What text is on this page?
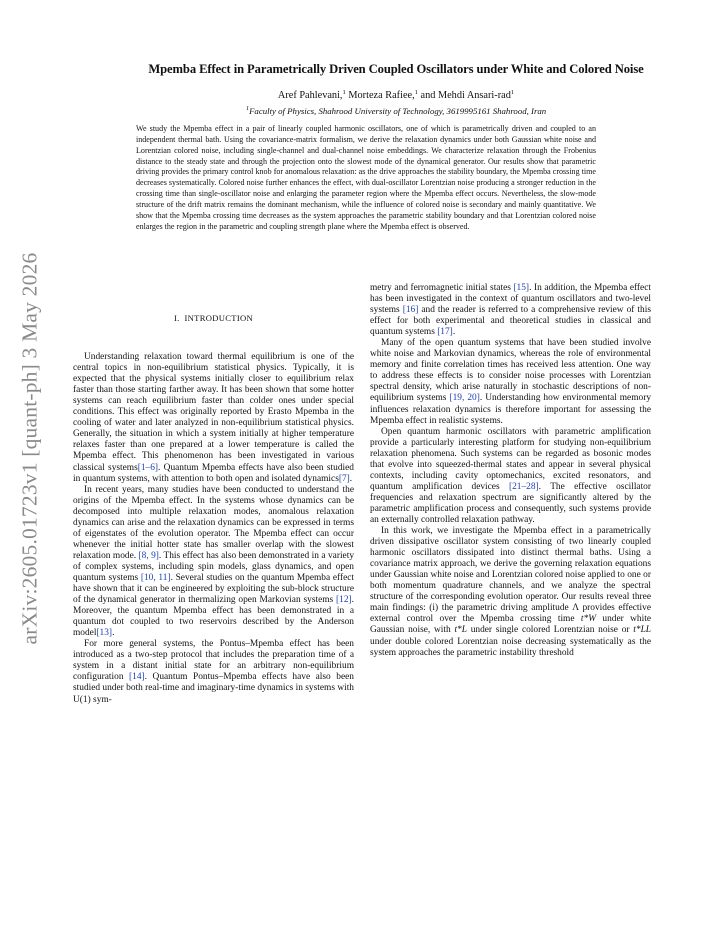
arXiv:2605.01723v1 [quant-ph] 3 May 2026
Mpemba Effect in Parametrically Driven Coupled Oscillators under White and Colored Noise
Aref Pahlevani,$^1$ Morteza Rafiee,$^1$ and Mehdi Ansari-rad$^1$
$^1$Faculty of Physics, Shahrood University of Technology, 3619995161 Shahrood, Iran

We study the Mpemba effect in a pair of linearly coupled harmonic oscillators, one of which is parametrically driven and coupled to an independent thermal bath. Using the covariance-matrix formalism, we derive the relaxation dynamics under both Gaussian white noise and Lorentzian colored noise, including single-channel and dual-channel noise embeddings. We characterize relaxation through the Frobenius distance to the steady state and through the projection onto the slowest mode of the dynamical generator. Our results show that parametric driving provides the primary control knob for anomalous relaxation: as the drive approaches the stability boundary, the Mpemba crossing time decreases systematically. Colored noise further enhances the effect, with dual-oscillator Lorentzian noise producing a stronger reduction in the crossing time than single-oscillator noise and enlarging the parameter region where the Mpemba effect occurs. Nevertheless, the slow-mode structure of the drift matrix remains the dominant mechanism, while the influence of colored noise is secondary and mainly quantitative. We show that the Mpemba crossing time decreases as the system approaches the parametric stability boundary and that Lorentzian colored noise enlarges the region in the parametric and coupling strength plane where the Mpemba effect is observed.

I. INTRODUCTION

Understanding relaxation toward thermal equilibrium is one of the central topics in non-equilibrium statistical physics. Typically, it is expected that the physical systems initially closer to equilibrium relax faster than those starting farther away. It has been shown that some hotter systems can reach equilibrium faster than colder ones under special conditions. This effect was originally reported by Erasto Mpemba in the cooling of water and later analyzed in non-equilibrium statistical physics. Generally, the situation in which a system initially at higher temperature relaxes faster than one prepared at a lower temperature is called the Mpemba effect. This phenomenon has been investigated in various classical systems[1–6]. Quantum Mpemba effects have also been studied in quantum systems, with attention to both open and isolated dynamics[7].

In recent years, many studies have been conducted to understand the origins of the Mpemba effect. In the systems whose dynamics can be decomposed into multiple relaxation modes, anomalous relaxation dynamics can arise and the relaxation dynamics can be expressed in terms of eigenstates of the evolution operator. The Mpemba effect can occur whenever the initial hotter state has smaller overlap with the slowest relaxation mode. [8, 9]. This effect has also been demonstrated in a variety of complex systems, including spin models, glass dynamics, and open quantum systems [10, 11]. Several studies on the quantum Mpemba effect have shown that it can be engineered by exploiting the sub-block structure of the dynamical generator in thermalizing open Markovian systems [12]. Moreover, the quantum Mpemba effect has been demonstrated in a quantum dot coupled to two reservoirs described by the Anderson model[13].

For more general systems, the Pontus–Mpemba effect has been introduced as a two-step protocol that includes the preparation time of a system in a distant initial state for an arbitrary non-equilibrium configuration [14]. Quantum Pontus–Mpemba effects have also been studied under both real-time and imaginary-time dynamics in systems with U(1) sym-

metry and ferromagnetic initial states [15]. In addition, the Mpemba effect has been investigated in the context of quantum oscillators and two-level systems [16] and the reader is referred to a comprehensive review of this effect for both experimental and theoretical studies in classical and quantum systems [17].

Many of the open quantum systems that have been studied involve white noise and Markovian dynamics, whereas the role of environmental memory and finite correlation times has received less attention. One way to address these effects is to consider noise processes with Lorentzian spectral density, which arise naturally in stochastic descriptions of non-equilibrium systems [19, 20]. Understanding how environmental memory influences relaxation dynamics is therefore important for assessing the Mpemba effect in realistic systems.

Open quantum harmonic oscillators with parametric amplification provide a particularly interesting platform for studying non-equilibrium relaxation phenomena. Such systems can be regarded as bosonic modes that evolve into squeezed-thermal states and appear in several physical contexts, including cavity optomechanics, excited resonators, and quantum amplification devices [21–28]. The effective oscillator frequencies and relaxation spectrum are significantly altered by the parametric amplification process and consequently, such systems provide an externally controlled relaxation pathway.

In this work, we investigate the Mpemba effect in a parametrically driven dissipative oscillator system consisting of two linearly coupled harmonic oscillators dissipated into distinct thermal baths. Using a covariance matrix approach, we derive the governing relaxation equations under Gaussian white noise and Lorentzian colored noise applied to one or both momentum quadrature channels, and we analyze the spectral structure of the corresponding evolution operator. Our results reveal three main findings: (i) the parametric driving amplitude Λ provides effective external control over the Mpemba crossing time t*W under white Gaussian noise, with t*L under single colored Lorentzian noise or t*LL under double colored Lorentzian noise decreasing systematically as the system approaches the parametric instability threshold
